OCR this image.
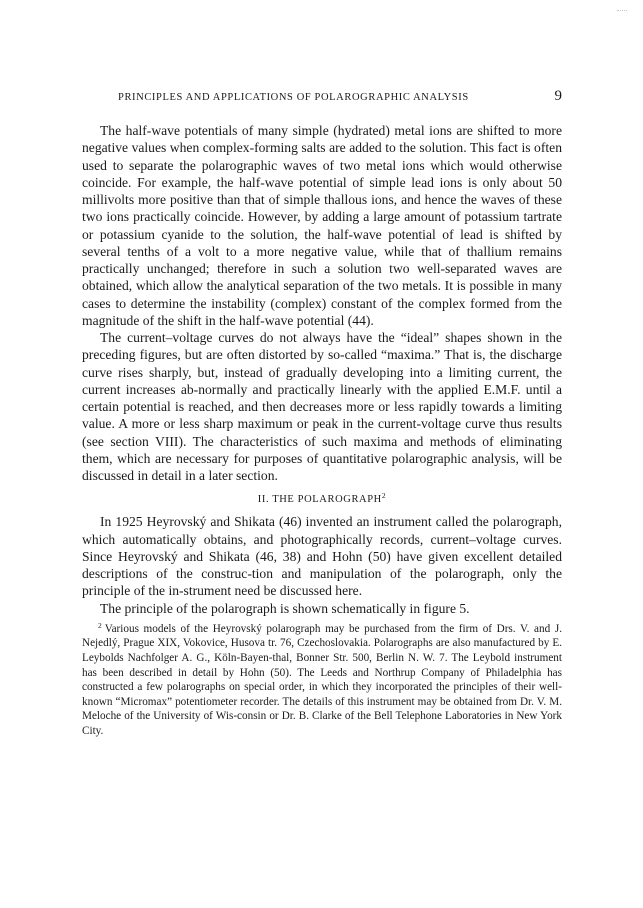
PRINCIPLES AND APPLICATIONS OF POLAROGRAPHIC ANALYSIS	9

The half-wave potentials of many simple (hydrated) metal ions are shifted to more negative values when complex-forming salts are added to the solution. This fact is often used to separate the polarographic waves of two metal ions which would otherwise coincide. For example, the half-wave potential of simple lead ions is only about 50 millivolts more positive than that of simple thallous ions, and hence the waves of these two ions practically coincide. However, by adding a large amount of potassium tartrate or potassium cyanide to the solution, the half-wave potential of lead is shifted by several tenths of a volt to a more negative value, while that of thallium remains practically unchanged; therefore in such a solution two well-separated waves are obtained, which allow the analytical separation of the two metals. It is possible in many cases to determine the instability (complex) constant of the complex formed from the magnitude of the shift in the half-wave potential (44).

The current–voltage curves do not always have the “ideal” shapes shown in the preceding figures, but are often distorted by so-called “maxima.” That is, the discharge curve rises sharply, but, instead of gradually developing into a limiting current, the current increases ab-normally and practically linearly with the applied E.M.F. until a certain potential is reached, and then decreases more or less rapidly towards a limiting value. A more or less sharp maximum or peak in the current-voltage curve thus results (see section VIII). The characteristics of such maxima and methods of eliminating them, which are necessary for purposes of quantitative polarographic analysis, will be discussed in detail in a later section.

II. THE POLAROGRAPH$^2$

In 1925 Heyrovský and Shikata (46) invented an instrument called the polarograph, which automatically obtains, and photographically records, current–voltage curves. Since Heyrovský and Shikata (46, 38) and Hohn (50) have given excellent detailed descriptions of the construc-tion and manipulation of the polarograph, only the principle of the in-strument need be discussed here.

The principle of the polarograph is shown schematically in figure 5.

$^2$ Various models of the Heyrovský polarograph may be purchased from the firm of Drs. V. and J. Nejedlý, Prague XIX, Vokovice, Husova tr. 76, Czechoslovakia. Polarographs are also manufactured by E. Leybolds Nachfolger A. G., Köln-Bayen-thal, Bonner Str. 500, Berlin N. W. 7. The Leybold instrument has been described in detail by Hohn (50). The Leeds and Northrup Company of Philadelphia has constructed a few polarographs on special order, in which they incorporated the principles of their well-known “Micromax” potentiometer recorder. The details of this instrument may be obtained from Dr. V. M. Meloche of the University of Wis-consin or Dr. B. Clarke of the Bell Telephone Laboratories in New York City.
